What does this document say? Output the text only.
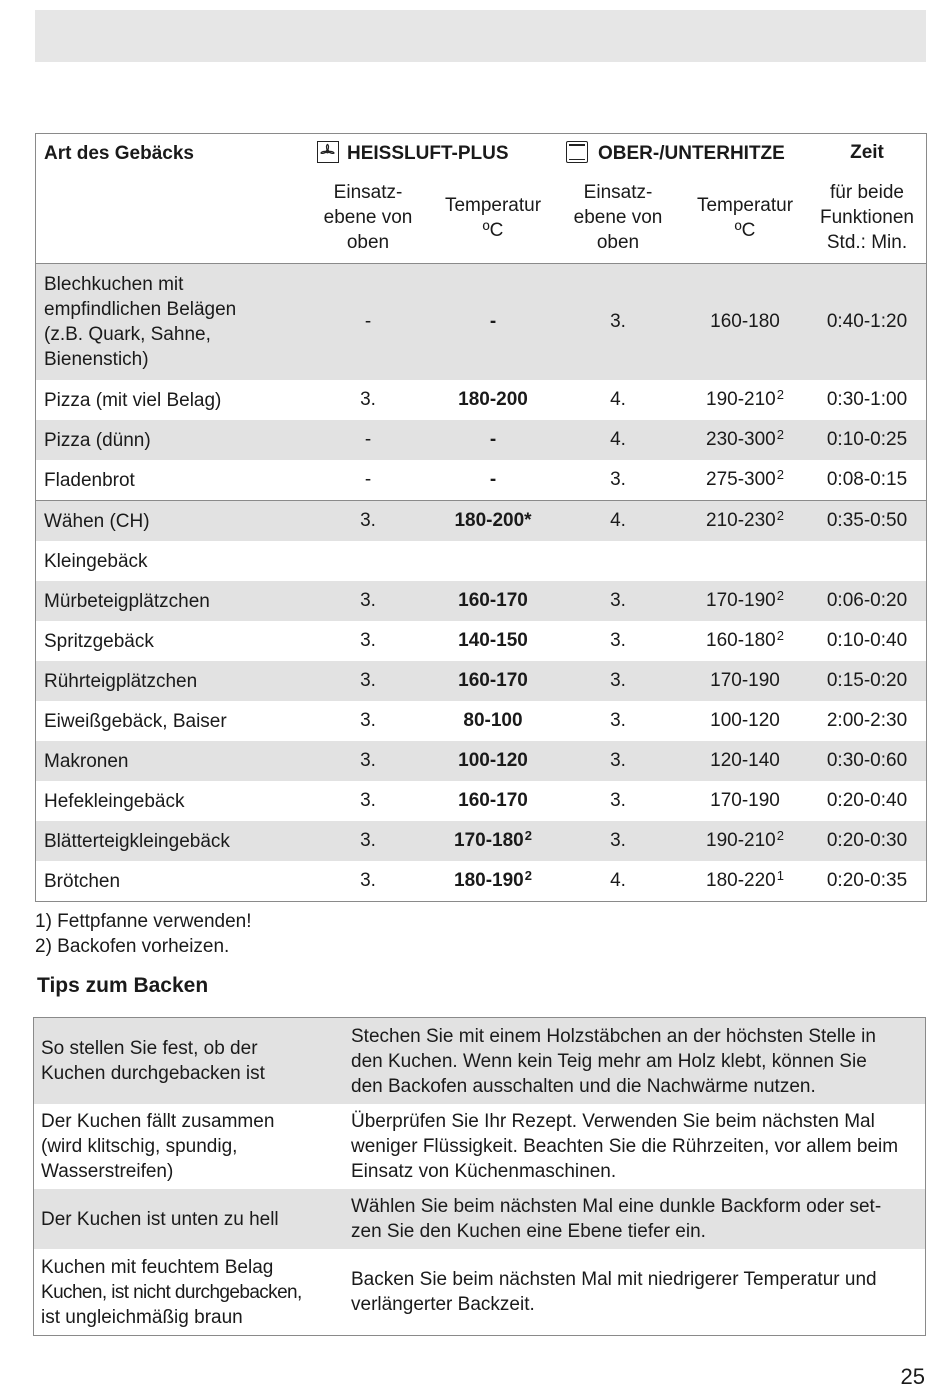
Art des Gebäcks	HEISSLUFT-PLUS		OBER-/UNTERHITZE		Zeit
	Einsatz-
ebene von
oben	Temperatur
ºC	Einsatz-
ebene von
oben	Temperatur
ºC	für beide
Funktionen
Std.: Min.
Blechkuchen mit
empfindlichen Belägen
(z.B. Quark, Sahne,
Bienenstich)	-	-	3.	160-180	0:40-1:20
Pizza (mit viel Belag)	3.	180-200	4.	$190-210^2$	0:30-1:00
Pizza (dünn)	-	-	4.	$230-300^2$	0:10-0:25
Fladenbrot	-	-	3.	$275-300^2$	0:08-0:15
Wähen (CH)	3.	180-200*	4.	$210-230^2$	0:35-0:50
Kleingebäck					
Mürbeteigplätzchen	3.	160-170	3.	$170-190^2$	0:06-0:20
Spritzgebäck	3.	140-150	3.	$160-180^2$	0:10-0:40
Rührteigplätzchen	3.	160-170	3.	170-190	0:15-0:20
Eiweißgebäck, Baiser	3.	80-100	3.	100-120	2:00-2:30
Makronen	3.	100-120	3.	120-140	0:30-0:60
Hefekleingebäck	3.	160-170	3.	170-190	0:20-0:40
Blätterteigkleingebäck	3.	$170-180^2$	3.	$190-210^2$	0:20-0:30
Brötchen	3.	$180-190^2$	4.	$180-220^1$	0:20-0:35
1) Fettpfanne verwenden!
2) Backofen vorheizen.
Tips zum Backen
So stellen Sie fest, ob der
Kuchen durchgebacken ist	Stechen Sie mit einem Holzstäbchen an der höchsten Stelle in
den Kuchen. Wenn kein Teig mehr am Holz klebt, können Sie
den Backofen ausschalten und die Nachwärme nutzen.
Der Kuchen fällt zusammen
(wird klitschig, spundig,
Wasserstreifen)	Überprüfen Sie Ihr Rezept. Verwenden Sie beim nächsten Mal
weniger Flüssigkeit. Beachten Sie die Rührzeiten, vor allem beim
Einsatz von Küchenmaschinen.
Der Kuchen ist unten zu hell	Wählen Sie beim nächsten Mal eine dunkle Backform oder set-
zen Sie den Kuchen eine Ebene tiefer ein.
Kuchen mit feuchtem Belag
Kuchen, ist nicht durchgebacken,
ist ungleichmäßig braun	Backen Sie beim nächsten Mal mit niedrigerer Temperatur und
verlängerter Backzeit.
25
